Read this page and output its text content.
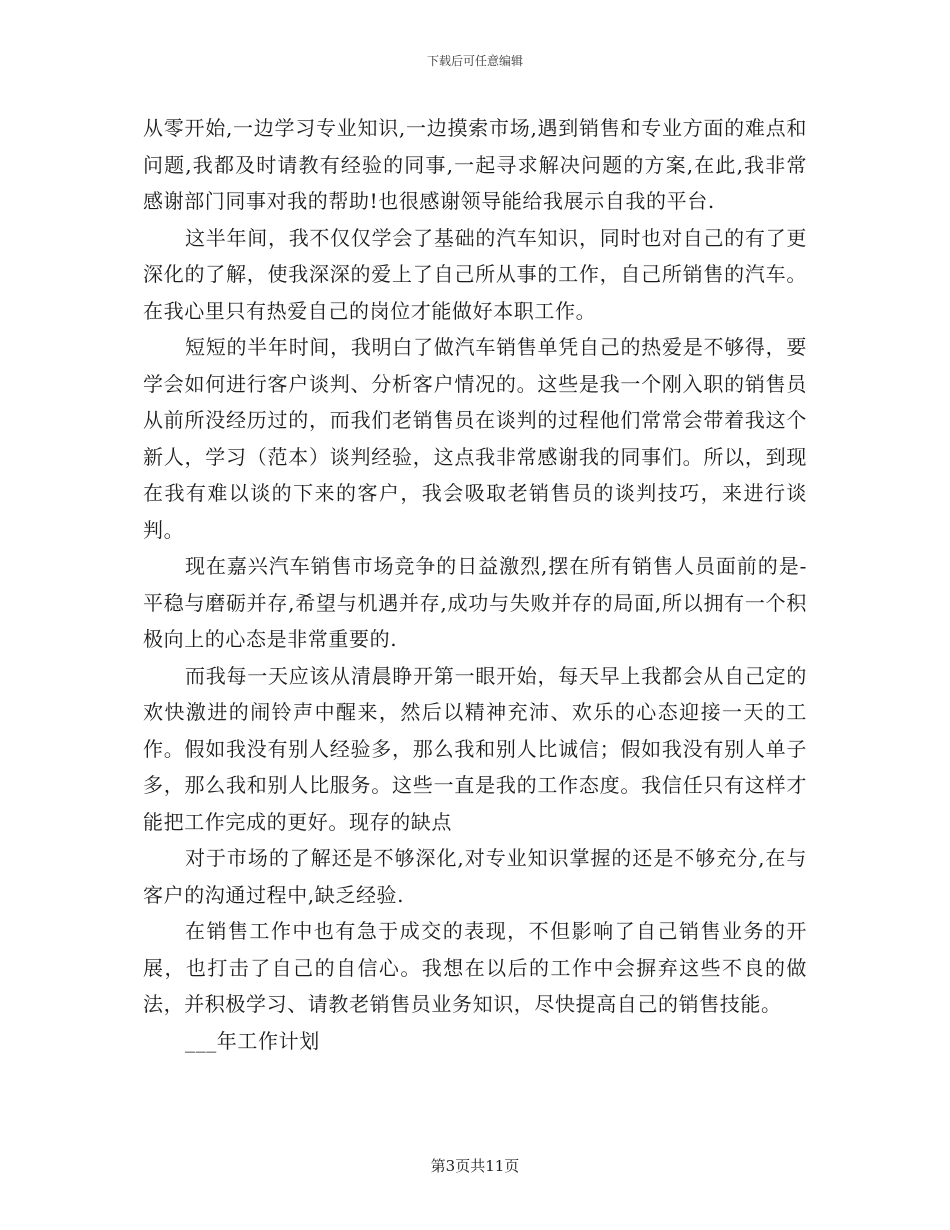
下载后可任意编辑

从零开始,一边学习专业知识,一边摸索市场,遇到销售和专业方面的难点和问题,我都及时请教有经验的同事,一起寻求解决问题的方案,在此,我非常感谢部门同事对我的帮助!也很感谢领导能给我展示自我的平台.

这半年间，我不仅仅学会了基础的汽车知识，同时也对自己的有了更深化的了解，使我深深的爱上了自己所从事的工作，自己所销售的汽车。在我心里只有热爱自己的岗位才能做好本职工作。

短短的半年时间，我明白了做汽车销售单凭自己的热爱是不够得，要学会如何进行客户谈判、分析客户情况的。这些是我一个刚入职的销售员从前所没经历过的，而我们老销售员在谈判的过程他们常常会带着我这个新人，学习（范本）谈判经验，这点我非常感谢我的同事们。所以，到现在我有难以谈的下来的客户，我会吸取老销售员的谈判技巧，来进行谈判。

现在嘉兴汽车销售市场竞争的日益激烈,摆在所有销售人员面前的是-平稳与磨砺并存,希望与机遇并存,成功与失败并存的局面,所以拥有一个积极向上的心态是非常重要的.

而我每一天应该从清晨睁开第一眼开始，每天早上我都会从自己定的欢快激进的闹铃声中醒来，然后以精神充沛、欢乐的心态迎接一天的工作。假如我没有别人经验多，那么我和别人比诚信；假如我没有别人单子多，那么我和别人比服务。这些一直是我的工作态度。我信任只有这样才能把工作完成的更好。现存的缺点

对于市场的了解还是不够深化,对专业知识掌握的还是不够充分,在与客户的沟通过程中,缺乏经验.

在销售工作中也有急于成交的表现，不但影响了自己销售业务的开展，也打击了自己的自信心。我想在以后的工作中会摒弃这些不良的做法，并积极学习、请教老销售员业务知识，尽快提高自己的销售技能。

___年工作计划

第3页共11页
